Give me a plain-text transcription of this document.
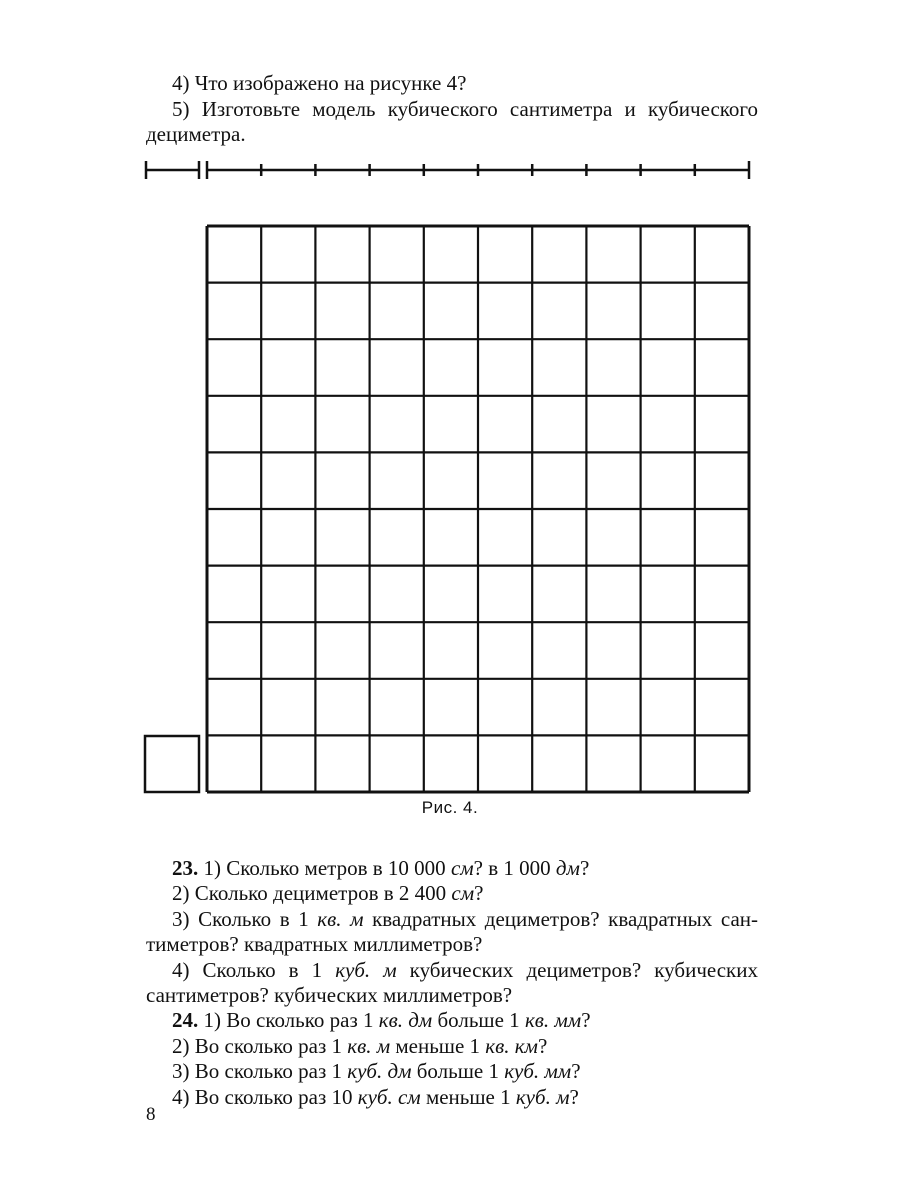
4) Что изображено на рисунке 4?
5) Изготовьте модель кубического сантиметра и кубического
дециметра.
Рис. 4.
23. 1) Сколько метров в 10 000 см? в 1 000 дм?
2) Сколько дециметров в 2 400 см?
3) Сколько в 1 кв. м квадратных дециметров? квадратных сан-
тиметров? квадратных миллиметров?
4) Сколько в 1 куб. м кубических дециметров? кубических
сантиметров? кубических миллиметров?
24. 1) Во сколько раз 1 кв. дм больше 1 кв. мм?
2) Во сколько раз 1 кв. м меньше 1 кв. км?
3) Во сколько раз 1 куб. дм больше 1 куб. мм?
4) Во сколько раз 10 куб. см меньше 1 куб. м?
8
